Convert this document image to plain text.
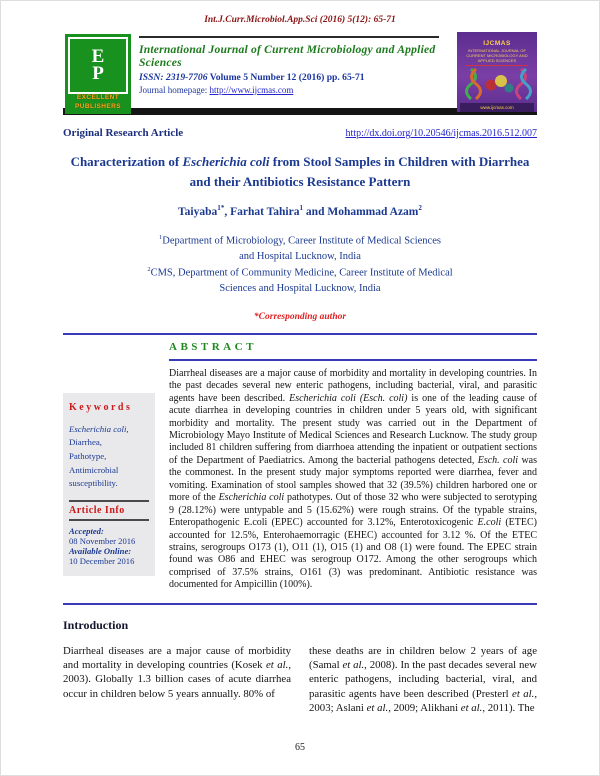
Int.J.Curr.Microbiol.App.Sci (2016) 5(12): 65-71
E
P
EXCELLENT
PUBLISHERS
International Journal of Current Microbiology and Applied Sciences
ISSN: 2319-7706 Volume 5 Number 12 (2016) pp. 65-71
Journal homepage: http://www.ijcmas.com
IJCMAS
INTERNATIONAL JOURNAL OF CURRENT MICROBIOLOGY AND APPLIED SCIENCES
www.ijcmas.com
Original Research Article	http://dx.doi.org/10.20546/ijcmas.2016.512.007
Characterization of Escherichia coli from Stool Samples in Children with Diarrhea and their Antibiotics Resistance Pattern
Taiyaba$^{1*}$, Farhat Tahira$^1$ and Mohammad Azam$^2$
$^1$Department of Microbiology, Career Institute of Medical Sciences
and Hospital Lucknow, India
$^2$CMS, Department of Community Medicine, Career Institute of Medical
Sciences and Hospital Lucknow, India
*Corresponding author
Keywords
Escherichia coli,
Diarrhea,
Pathotype,
Antimicrobial susceptibility.
Article Info
Accepted:
08 November 2016
Available Online:
10 December 2016
ABSTRACT
Diarrheal diseases are a major cause of morbidity and mortality in developing countries. In the past decades several new enteric pathogens, including bacterial, viral, and parasitic agents have been described. Escherichia coli (Esch. coli) is one of the leading cause of acute diarrhea in developing countries in children under 5 years old, with significant morbidity and mortality. The present study was carried out in the Department of Microbiology Mayo Institute of Medical Sciences and Research Lucknow. The study group included 81 children suffering from diarrhoea attending the inpatient or outpatient sections of the Department of Paediatrics. Among the bacterial pathogens detected, Esch. coli was the commonest. In the present study major symptoms reported were diarrhea, fever and vomiting. Examination of stool samples showed that 32 (39.5%) children harbored one or more of the Escherichia coli pathotypes. Out of those 32 who were subjected to serotyping 9 (28.12%) were untypable and 5 (15.62%) were rough strains. Of the typable strains, Enteropathogenic E.coli (EPEC) accounted for 3.12%, Enterotoxicogenic E.coli (ETEC) accounted for 12.5%, Enterohaemorragic (EHEC) accounted for 3.12 %. Of the ETEC strains, serogroups O173 (1), O11 (1), O15 (1) and O8 (1) were found. The EPEC strain found was O86 and EHEC was serogroup O172. Among the other serogroups which comprised of 37.5% strains, O161 (3) was predominant. Antibiotic resistance was documented for Ampicillin (100%).
Introduction
Diarrheal diseases are a major cause of morbidity and mortality in developing countries (Kosek et al., 2003). Globally 1.3 billion cases of acute diarrhea occur in children below 5 years annually. 80% of
these deaths are in children below 2 years of age (Samal et al., 2008). In the past decades several new enteric pathogens, including bacterial, viral, and parasitic agents have been described (Presterl et al., 2003; Aslani et al., 2009; Alikhani et al., 2011). The
65
